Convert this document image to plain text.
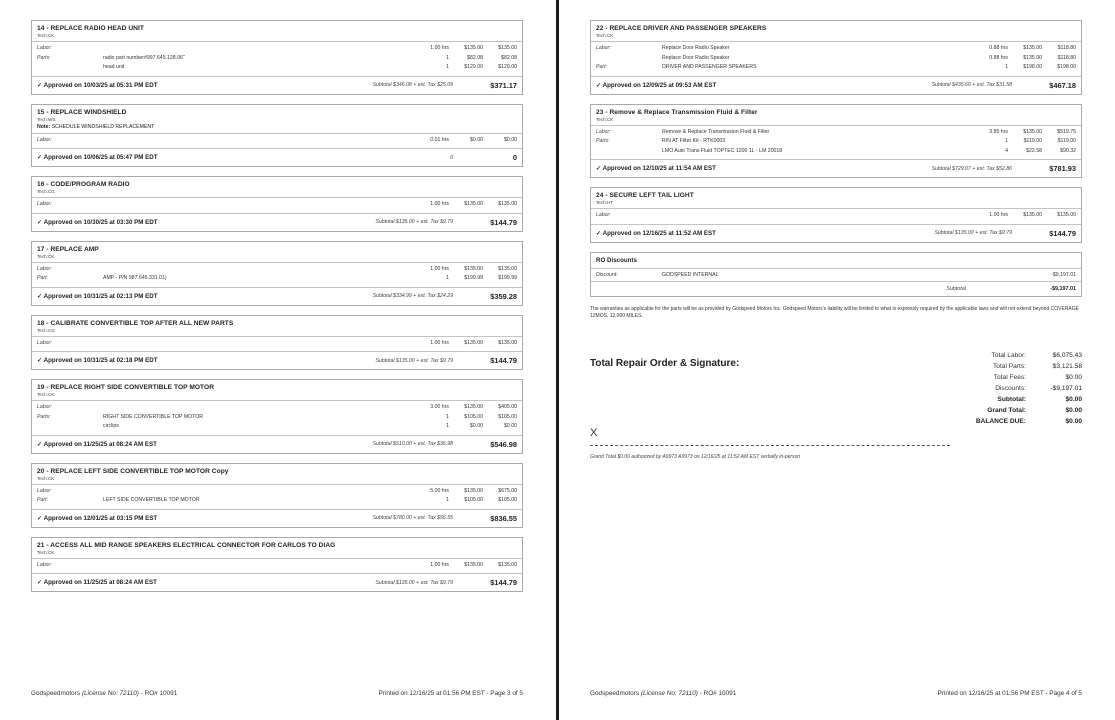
14 - REPLACE RADIO HEAD UNIT
Tech:CK
Labor:	1.00 hrs	$135.00	$135.00
Parts:	radio part number#997.645.128.06"	1	$82.08	$82.08
head unit	1	$129.00	$129.00
✓ Approved on 10/03/25 at 05:31 PM EDT	Subtotal $346.08 + est. Tax $25.09	$371.17
15 - REPLACE WINDSHIELD
Tech:WS
Note: SCHEDULE WINDSHIELD REPLACEMENT
Labor:	0.01 hrs	$0.00	$0.00
✓ Approved on 10/06/25 at 05:47 PM EDT	0	0
16 - CODE/PROGRAM RADIO
Tech:CG
Labor:	1.00 hrs	$135.00	$135.00
✓ Approved on 10/30/25 at 03:30 PM EDT	Subtotal $135.00 + est. Tax $9.79	$144.79
17 - REPLACE AMP
Tech:CK
Labor:	1.00 hrs	$135.00	$135.00
Part:	AMP - P/N 987.645.331.01)	1	$199.99	$199.99
✓ Approved on 10/31/25 at 02:13 PM EDT	Subtotal $334.99 + est. Tax $24.29	$359.28
18 - CALIBRATE CONVERTIBLE TOP AFTER ALL NEW PARTS
Tech:CG
Labor:	1.00 hrs	$135.00	$135.00
✓ Approved on 10/31/25 at 02:18 PM EDT	Subtotal $135.00 + est. Tax $9.79	$144.79
19 - REPLACE RIGHT SIDE CONVERTIBLE TOP MOTOR
Tech:CK
Labor:	3.00 hrs	$135.00	$405.00
Parts:	RIGHT SIDE CONVERTIBLE TOP MOTOR	1	$105.00	$105.00
circlips	1	$0.00	$0.00
✓ Approved on 11/25/25 at 08:24 AM EST	Subtotal $510.00 + est. Tax $36.98	$546.98
20 - REPLACE LEFT SIDE CONVERTIBLE TOP MOTOR Copy
Tech:CK
Labor:	5.00 hrs	$135.00	$675.00
Part:	LEFT SIDE CONVERTIBLE TOP MOTOR	1	$105.00	$105.00
✓ Approved on 12/01/25 at 03:15 PM EST	Subtotal $780.00 + est. Tax $56.55	$836.55
21 - ACCESS ALL MID RANGE SPEAKERS ELECTRICAL CONNECTOR FOR CARLOS TO DIAG
Tech:CK
Labor:	1.00 hrs	$135.00	$135.00
✓ Approved on 11/25/25 at 08:24 AM EST	Subtotal $135.00 + est. Tax $9.79	$144.79
Godspeedmotors (License No: 72110) - RO# 10091	Printed on 12/16/25 at 01:56 PM EST - Page 3 of 5
22 - REPLACE DRIVER AND PASSENGER SPEAKERS
Tech:CK
Labor:	Replace Door Radio Speaker	0.88 hrs	$135.00	$118.80
Replace Door Radio Speaker	0.88 hrs	$135.00	$118.80
Part:	DRIVER AND PASSENGER SPEAKERS	1	$198.00	$198.00
✓ Approved on 12/09/25 at 09:53 AM EST	Subtotal $435.60 + est. Tax $31.58	$467.18
23 - Remove & Replace Transmission Fluid & Filter
Tech:CK
Labor:	Remove & Replace Transmission Fluid & Filter	3.85 hrs	$135.00	$519.75
Parts:	RIN AT Filter Kit - RTK0003	1	$119.00	$119.00
LMO Auto Trans Fluid TOPTEC 1200 1L - LM 20018	4	$22.58	$90.32
✓ Approved on 12/10/25 at 11:54 AM EST	Subtotal $729.07 + est. Tax $52.86	$781.93
24 - SECURE LEFT TAIL LIGHT
Tech:HT
Labor:	1.00 hrs	$135.00	$135.00
✓ Approved on 12/16/25 at 11:52 AM EST	Subtotal $135.00 + est. Tax $9.79	$144.79
RO Discounts
Discount:	GODSPEED INTERNAL	-$9,197.01
Subtotal	-$9,197.01
The warranties as applicable for the parts will be as provided by Godspeed Motors Inc. Godspeed Motors's liability will be limited to what is expressly required by the applicable laws and will not extend beyond.COVERAGE 12MOS, 12,000 MILES.
Total Repair Order & Signature:
Total Labor:	$6,075.43
Total Parts:	$3,121.58
Total Fees:	$0.00
Discounts:	-$9,197.01
Subtotal:	$0.00
Grand Total:	$0.00
BALANCE DUE:	$0.00
X
Grand Total $0.00 authorized by A9973 A9973 on 12/16/25 at 11:52 AM EST verbally in-person
Godspeedmotors (License No: 72110) - RO# 10091	Printed on 12/16/25 at 01:56 PM EST - Page 4 of 5
